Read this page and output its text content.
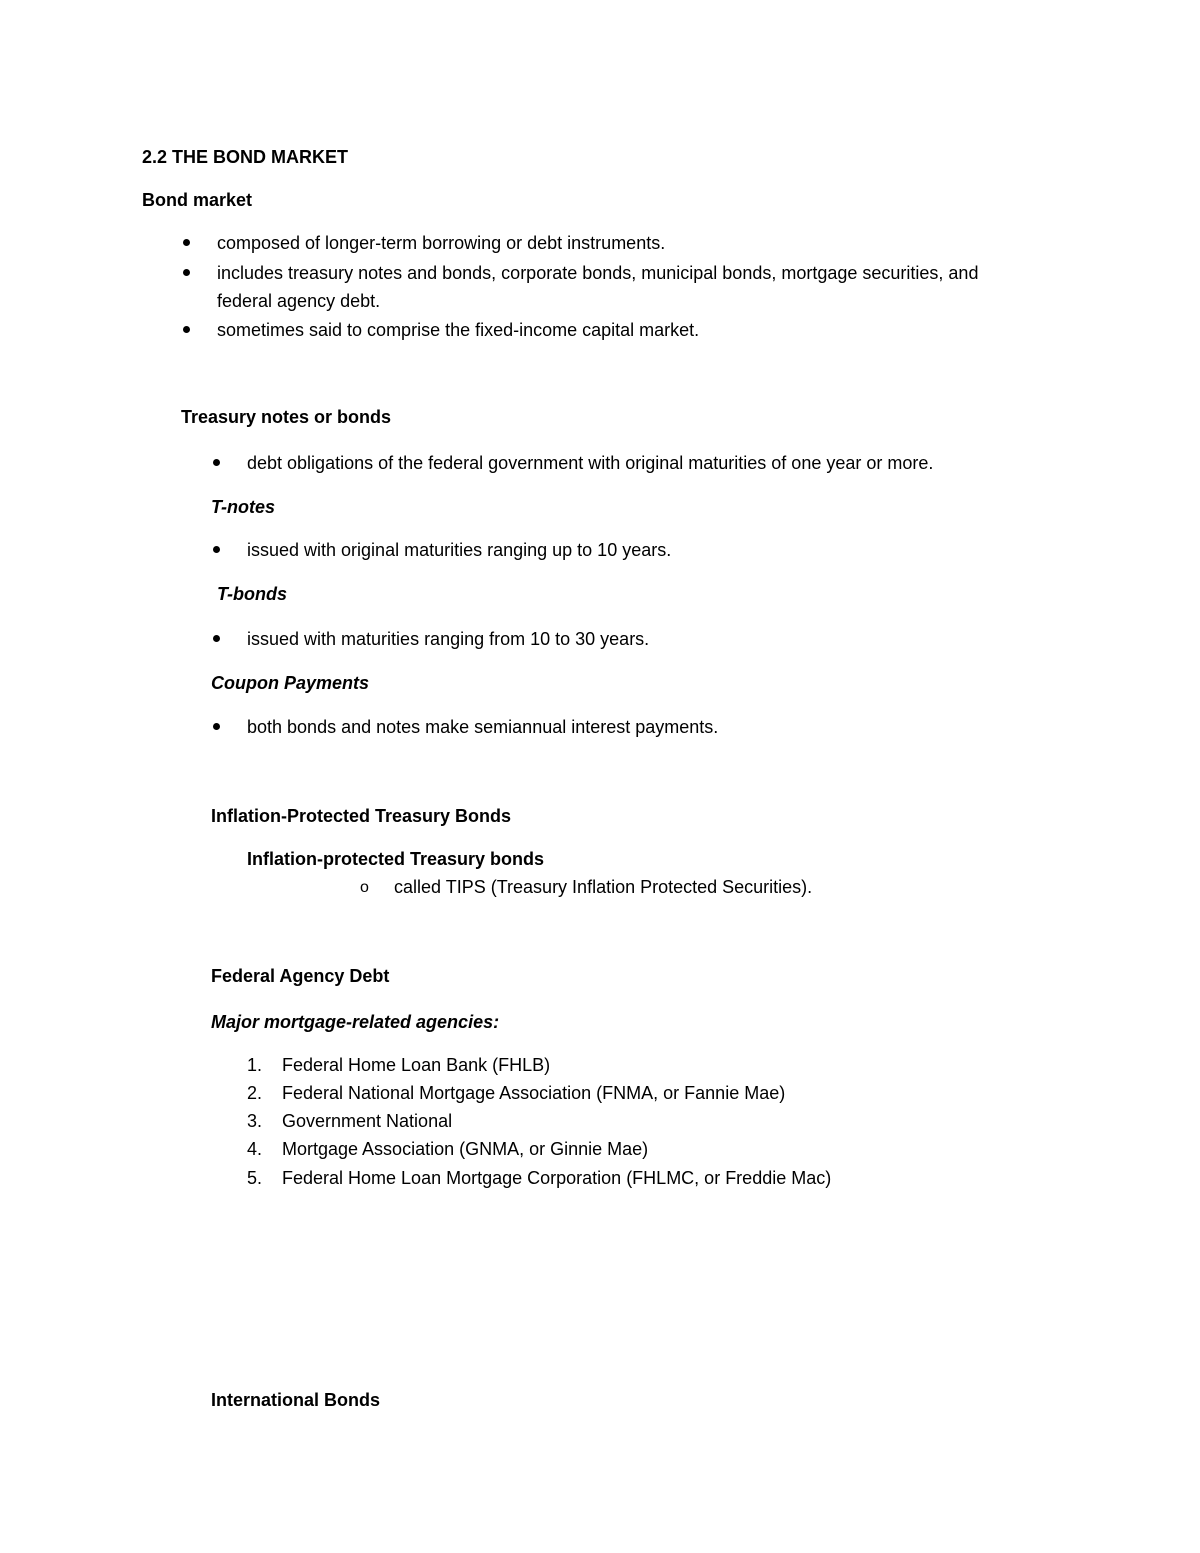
2.2 THE BOND MARKET
Bond market
composed of longer-term borrowing or debt instruments.
includes treasury notes and bonds, corporate bonds, municipal bonds, mortgage securities, and
federal agency debt.
sometimes said to comprise the fixed-income capital market.
Treasury notes or bonds
debt obligations of the federal government with original maturities of one year or more.
T-notes
issued with original maturities ranging up to 10 years.
T-bonds
issued with maturities ranging from 10 to 30 years.
Coupon Payments
both bonds and notes make semiannual interest payments.
Inflation-Protected Treasury Bonds
Inflation-protected Treasury bonds
o called TIPS (Treasury Inflation Protected Securities).
Federal Agency Debt
Major mortgage-related agencies:
1. Federal Home Loan Bank (FHLB)
2. Federal National Mortgage Association (FNMA, or Fannie Mae)
3. Government National
4. Mortgage Association (GNMA, or Ginnie Mae)
5. Federal Home Loan Mortgage Corporation (FHLMC, or Freddie Mac)
International Bonds
